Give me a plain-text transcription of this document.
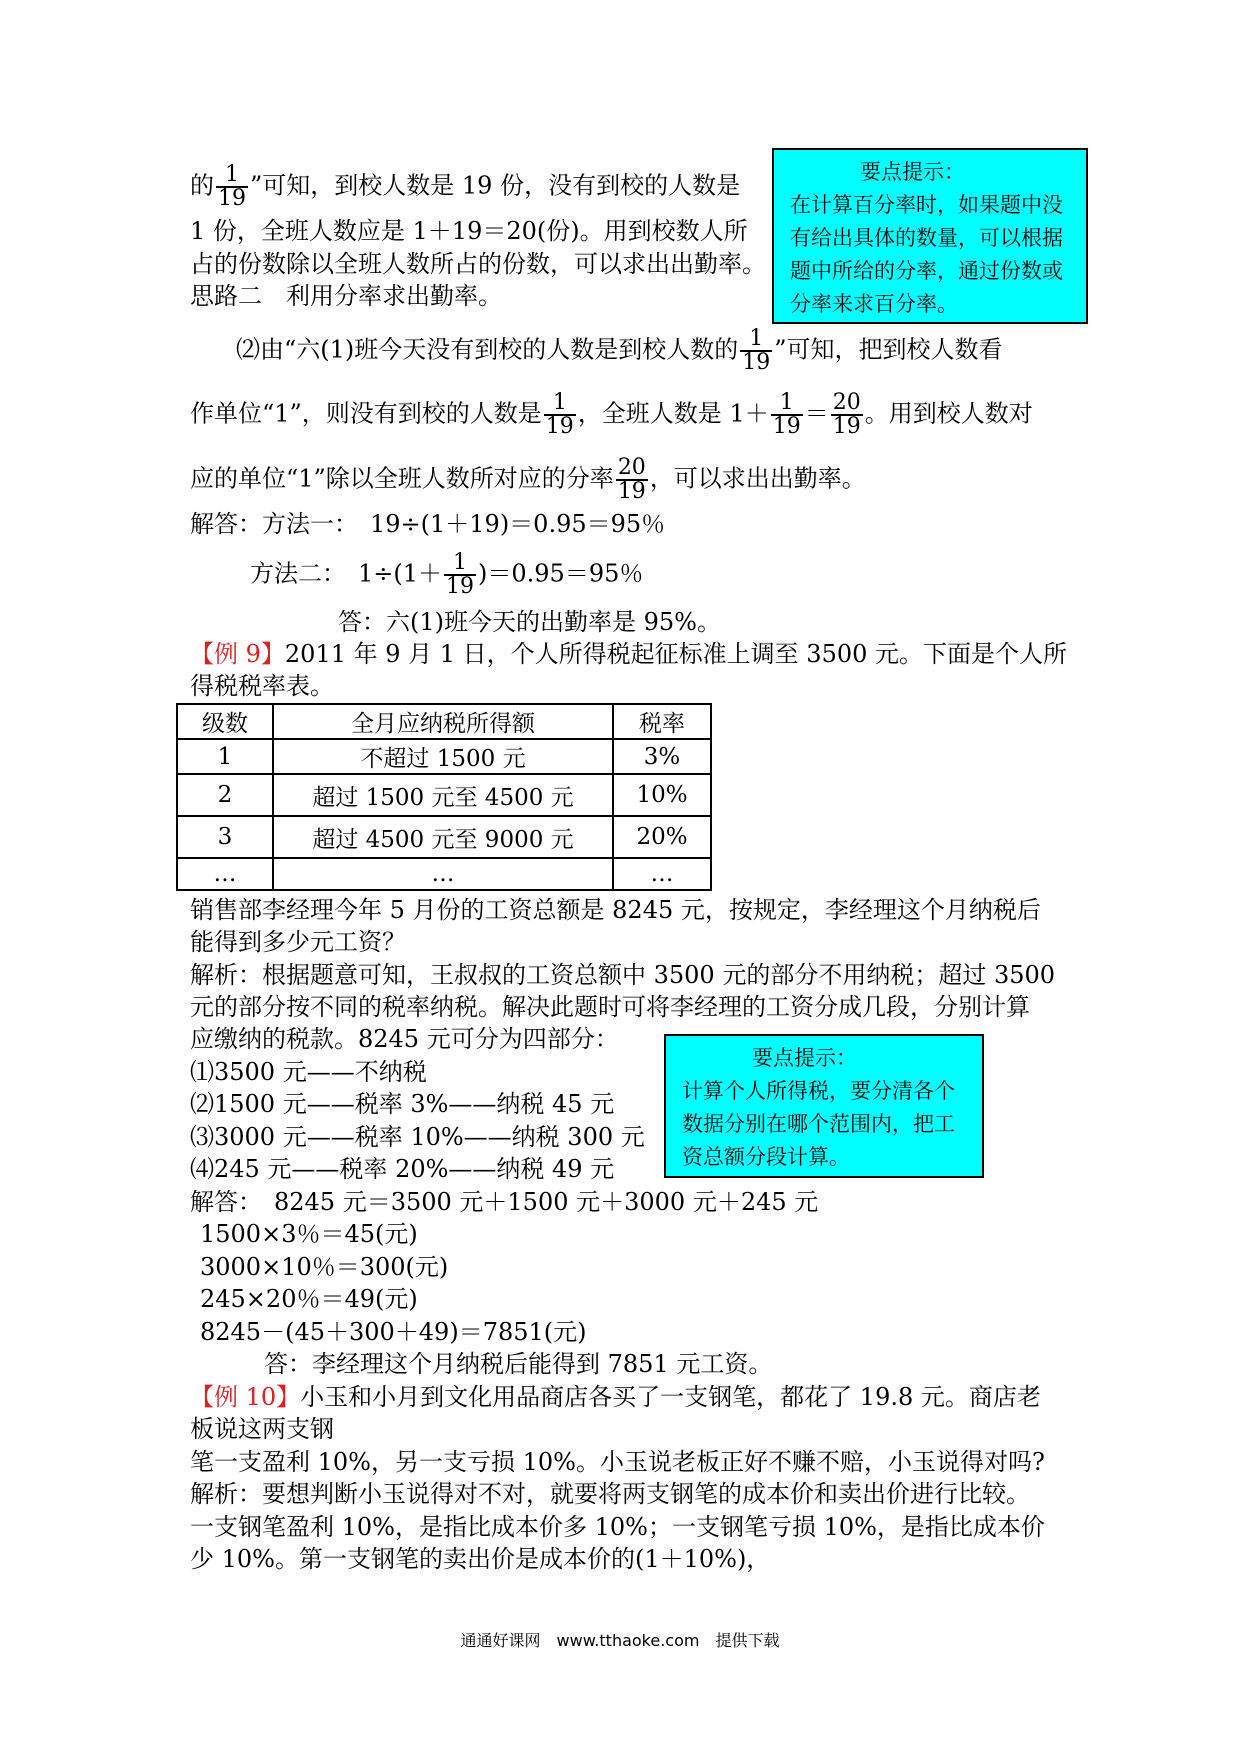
要点提示：
在计算百分率时，如果题中没
有给出具体的数量，可以根据
题中所给的分率，通过份数或
分率来求百分率。
的 $\frac{1}{19}$ ”可知，到校人数是 19 份，没有到校的人数是
1 份，全班人数应是 1＋19＝20(份)。用到校数人所
占的份数除以全班人数所占的份数，可以求出出勤率。
思路二　利用分率求出勤率。
⑵由“六(1)班今天没有到校的人数是到校人数的 $\frac{1}{19}$ ”可知，把到校人数看
作单位“1”，则没有到校的人数是 $\frac{1}{19}$ ，全班人数是 $1+ \frac{1}{19} = \frac{20}{19}$ 。用到校人数对
应的单位“1”除以全班人数所对应的分率 $\frac{20}{19}$ ，可以求出出勤率。
解答：方法一：　19÷(1＋19)＝0.95＝95％
方法二：　$1\div(1+ \frac{1}{19} )=0.95=95$％
答：六(1)班今天的出勤率是 95%。
【例 9】2011 年 9 月 1 日，个人所得税起征标准上调至 3500 元。下面是个人所
得税税率表。
级数	全月应纳税所得额	税率
1	不超过 1500 元	3%
2	超过 1500 元至 4500 元	10%
3	超过 4500 元至 9000 元	20%
…	…	…
销售部李经理今年 5 月份的工资总额是 8245 元，按规定，李经理这个月纳税后
能得到多少元工资？
解析：根据题意可知，王叔叔的工资总额中 3500 元的部分不用纳税；超过 3500
元的部分按不同的税率纳税。解决此题时可将李经理的工资分成几段，分别计算
应缴纳的税款。8245 元可分为四部分：
要点提示：
计算个人所得税，要分清各个
数据分别在哪个范围内，把工
资总额分段计算。
⑴3500 元——不纳税
⑵1500 元——税率 3%——纳税 45 元
⑶3000 元——税率 10%——纳税 300 元
⑷245 元——税率 20%——纳税 49 元
解答：　8245 元＝3500 元＋1500 元＋3000 元＋245 元
1500×3％＝45(元)
3000×10％＝300(元)
245×20％＝49(元)
8245－(45＋300＋49)＝7851(元)
答：李经理这个月纳税后能得到 7851 元工资。
【例 10】小玉和小月到文化用品商店各买了一支钢笔，都花了 19.8 元。商店老
板说这两支钢
笔一支盈利 10%，另一支亏损 10%。小玉说老板正好不赚不赔，小玉说得对吗?
解析：要想判断小玉说得对不对，就要将两支钢笔的成本价和卖出价进行比较。
一支钢笔盈利 10%，是指比成本价多 10%；一支钢笔亏损 10%，是指比成本价
少 10%。第一支钢笔的卖出价是成本价的(1＋10%)，
通通好课网　www.tthaoke.com　提供下载
